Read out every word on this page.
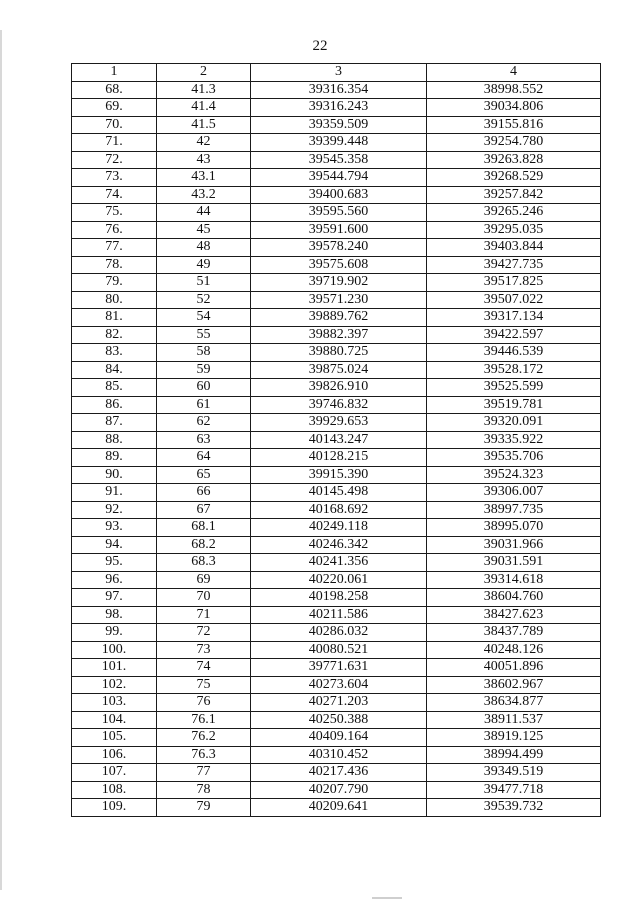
22
1	2	3	4
68.	41.3	39316.354	38998.552
69.	41.4	39316.243	39034.806
70.	41.5	39359.509	39155.816
71.	42	39399.448	39254.780
72.	43	39545.358	39263.828
73.	43.1	39544.794	39268.529
74.	43.2	39400.683	39257.842
75.	44	39595.560	39265.246
76.	45	39591.600	39295.035
77.	48	39578.240	39403.844
78.	49	39575.608	39427.735
79.	51	39719.902	39517.825
80.	52	39571.230	39507.022
81.	54	39889.762	39317.134
82.	55	39882.397	39422.597
83.	58	39880.725	39446.539
84.	59	39875.024	39528.172
85.	60	39826.910	39525.599
86.	61	39746.832	39519.781
87.	62	39929.653	39320.091
88.	63	40143.247	39335.922
89.	64	40128.215	39535.706
90.	65	39915.390	39524.323
91.	66	40145.498	39306.007
92.	67	40168.692	38997.735
93.	68.1	40249.118	38995.070
94.	68.2	40246.342	39031.966
95.	68.3	40241.356	39031.591
96.	69	40220.061	39314.618
97.	70	40198.258	38604.760
98.	71	40211.586	38427.623
99.	72	40286.032	38437.789
100.	73	40080.521	40248.126
101.	74	39771.631	40051.896
102.	75	40273.604	38602.967
103.	76	40271.203	38634.877
104.	76.1	40250.388	38911.537
105.	76.2	40409.164	38919.125
106.	76.3	40310.452	38994.499
107.	77	40217.436	39349.519
108.	78	40207.790	39477.718
109.	79	40209.641	39539.732
